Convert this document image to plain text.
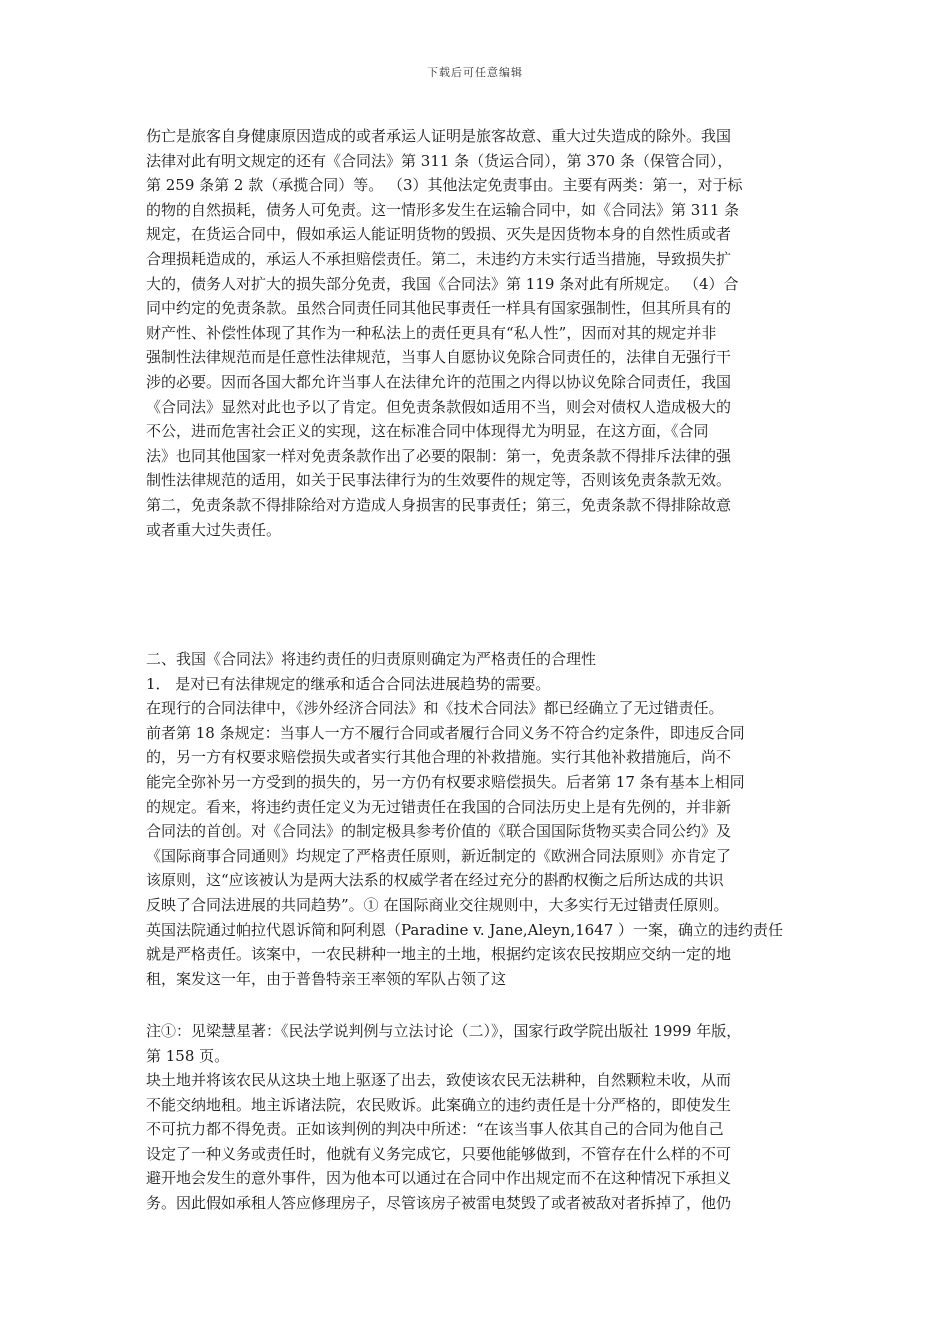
下载后可任意编辑

伤亡是旅客自身健康原因造成的或者承运人证明是旅客故意、重大过失造成的除外。我国
法律对此有明文规定的还有《合同法》第 311 条（货运合同），第 370 条（保管合同），
第 259 条第 2 款（承揽合同）等。 （3）其他法定免责事由。主要有两类：第一，对于标
的物的自然损耗，债务人可免责。这一情形多发生在运输合同中，如《合同法》第 311 条
规定，在货运合同中，假如承运人能证明货物的毁损、灭失是因货物本身的自然性质或者
合理损耗造成的，承运人不承担赔偿责任。第二，未违约方未实行适当措施，导致损失扩
大的，债务人对扩大的损失部分免责，我国《合同法》第 119 条对此有所规定。 （4）合
同中约定的免责条款。虽然合同责任同其他民事责任一样具有国家强制性，但其所具有的
财产性、补偿性体现了其作为一种私法上的责任更具有“私人性”，因而对其的规定并非
强制性法律规范而是任意性法律规范，当事人自愿协议免除合同责任的，法律自无强行干
涉的必要。因而各国大都允许当事人在法律允许的范围之内得以协议免除合同责任，我国
《合同法》显然对此也予以了肯定。但免责条款假如适用不当，则会对债权人造成极大的
不公，进而危害社会正义的实现，这在标准合同中体现得尤为明显，在这方面，《合同
法》也同其他国家一样对免责条款作出了必要的限制：第一，免责条款不得排斥法律的强
制性法律规范的适用，如关于民事法律行为的生效要件的规定等，否则该免责条款无效。
第二，免责条款不得排除给对方造成人身损害的民事责任；第三，免责条款不得排除故意
或者重大过失责任。

二、我国《合同法》将违约责任的归责原则确定为严格责任的合理性

1． 是对已有法律规定的继承和适合合同法进展趋势的需要。

在现行的合同法律中，《涉外经济合同法》和《技术合同法》都已经确立了无过错责任。
前者第 18 条规定：当事人一方不履行合同或者履行合同义务不符合约定条件，即违反合同
的，另一方有权要求赔偿损失或者实行其他合理的补救措施。实行其他补救措施后，尚不
能完全弥补另一方受到的损失的，另一方仍有权要求赔偿损失。后者第 17 条有基本上相同
的规定。看来，将违约责任定义为无过错责任在我国的合同法历史上是有先例的，并非新
合同法的首创。对《合同法》的制定极具参考价值的《联合国国际货物买卖合同公约》及
《国际商事合同通则》均规定了严格责任原则，新近制定的《欧洲合同法原则》亦肯定了
该原则，这“应该被认为是两大法系的权威学者在经过充分的斟酌权衡之后所达成的共识
反映了合同法进展的共同趋势”。① 在国际商业交往规则中，大多实行无过错责任原则。
英国法院通过帕拉代恩诉简和阿利恩（Paradine v. Jane,Aleyn,1647 ）一案，确立的违约责任
就是严格责任。该案中，一农民耕种一地主的土地，根据约定该农民按期应交纳一定的地
租，案发这一年，由于普鲁特亲王率领的军队占领了这

注①：见梁慧星著：《民法学说判例与立法讨论（二）》，国家行政学院出版社 1999 年版，
第 158 页。

块土地并将该农民从这块土地上驱逐了出去，致使该农民无法耕种，自然颗粒未收，从而
不能交纳地租。地主诉诸法院，农民败诉。此案确立的违约责任是十分严格的，即使发生
不可抗力都不得免责。正如该判例的判决中所述：“在该当事人依其自己的合同为他自己
设定了一种义务或责任时，他就有义务完成它，只要他能够做到，不管存在什么样的不可
避开地会发生的意外事件，因为他本可以通过在合同中作出规定而不在这种情况下承担义
务。因此假如承租人答应修理房子，尽管该房子被雷电焚毁了或者被敌对者拆掉了，他仍
